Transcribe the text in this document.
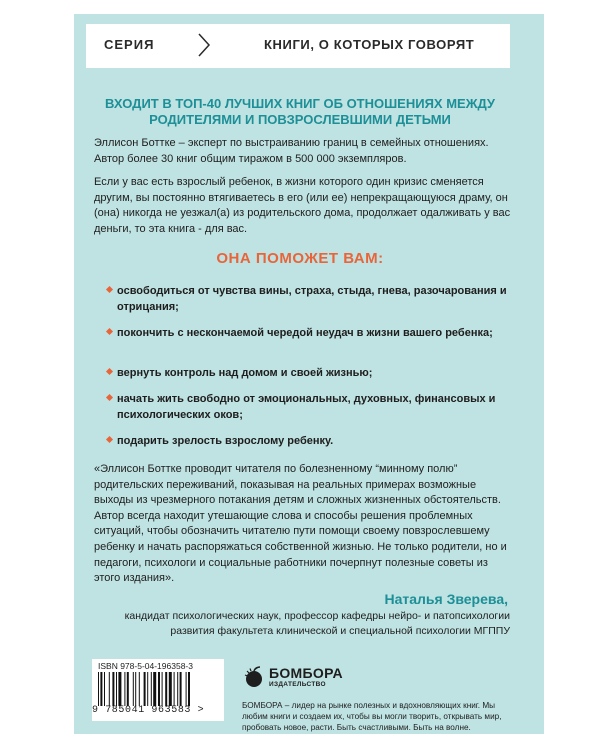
СЕРИЯ	КНИГИ, О КОТОРЫХ ГОВОРЯТ
ВХОДИТ В ТОП-40 ЛУЧШИХ КНИГ ОБ ОТНОШЕНИЯХ МЕЖДУ РОДИТЕЛЯМИ И ПОВЗРОСЛЕВШИМИ ДЕТЬМИ
Эллисон Боттке – эксперт по выстраиванию границ в семейных отношениях. Автор более 30 книг общим тиражом в 500 000 экземпляров.
Если у вас есть взрослый ребенок, в жизни которого один кризис сменяется другим, вы постоянно втягиваетесь в его (или ее) непрекращающуюся драму, он (она) никогда не уезжал(а) из родительского дома, продолжает одалживать у вас деньги, то эта книга - для вас.
ОНА ПОМОЖЕТ ВАМ:
освободиться от чувства вины, страха, стыда, гнева, разочарования и отрицания;
покончить с нескончаемой чередой неудач в жизни вашего ребенка;
вернуть контроль над домом и своей жизнью;
начать жить свободно от эмоциональных, духовных, финансовых и психологических оков;
подарить зрелость взрослому ребенку.
«Эллисон Боттке проводит читателя по болезненному “минному полю” родительских переживаний, показывая на реальных примерах возможные выходы из чрезмерного потакания детям и сложных жизненных обстоятельств. Автор всегда находит утешающие слова и способы решения проблемных ситуаций, чтобы обозначить читателю пути помощи своему повзрослевшему ребенку и начать распоряжаться собственной жизнью. Не только родители, но и педагоги, психологи и социальные работники почерпнут полезные советы из этого издания».
Наталья Зверева,
кандидат психологических наук, профессор кафедры нейро- и патопсихологии развития факультета клинической и специальной психологии МГППУ
ISBN 978-5-04-196358-3
9 785041 963583 >
БОМБОРА
ИЗДАТЕЛЬСТВО
БОМБОРА – лидер на рынке полезных и вдохновляющих книг. Мы любим книги и создаем их, чтобы вы могли творить, открывать мир, пробовать новое, расти. Быть счастливыми. Быть на волне.
